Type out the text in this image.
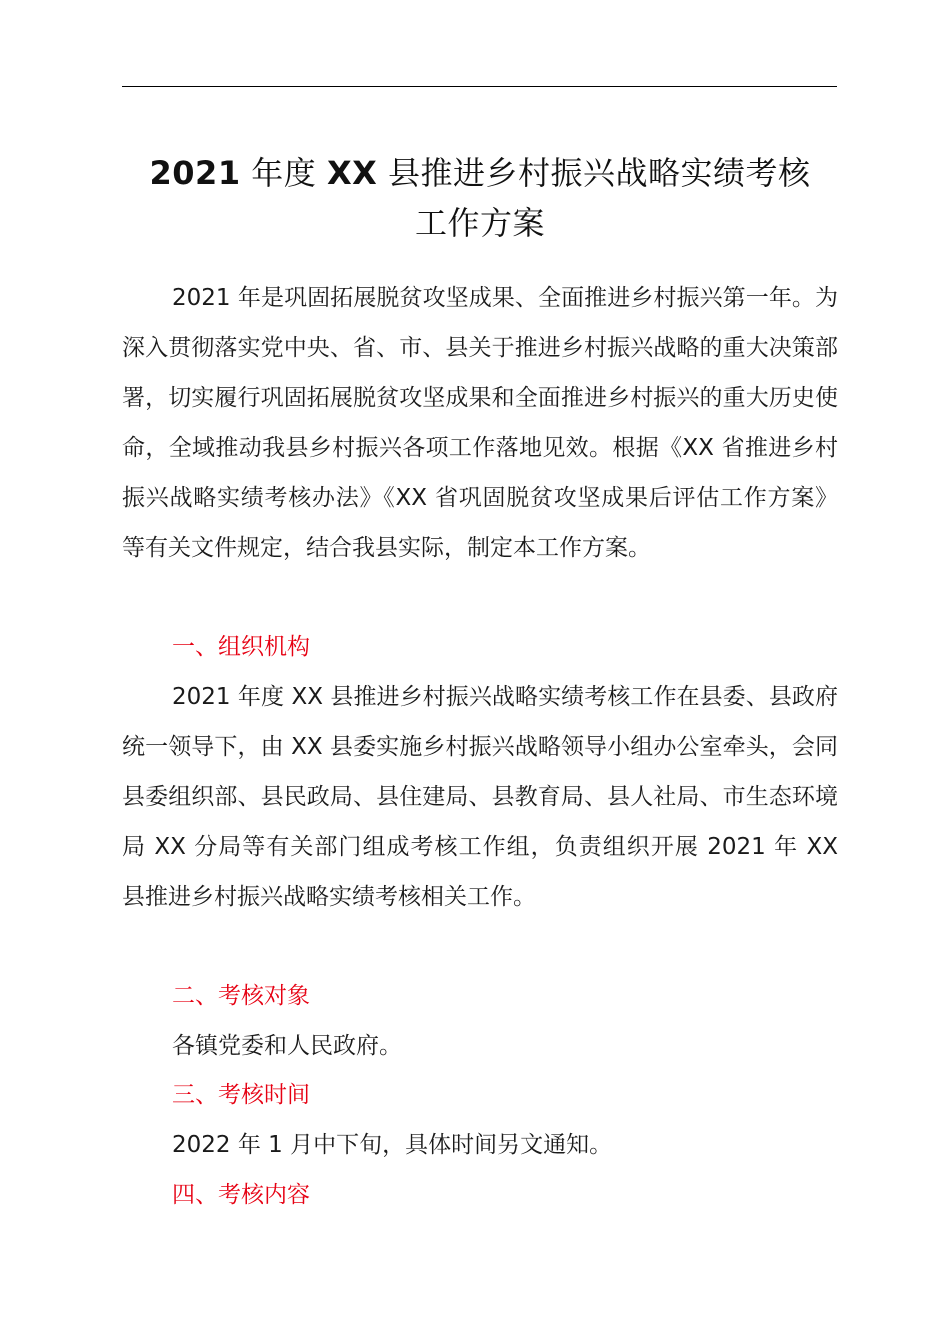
2021 年度 XX 县推进乡村振兴战略实绩考核
工作方案
2021 年是巩固拓展脱贫攻坚成果、全面推进乡村振兴第一年。为深入贯彻落实党中央、省、市、县关于推进乡村振兴战略的重大决策部署，切实履行巩固拓展脱贫攻坚成果和全面推进乡村振兴的重大历史使命，全域推动我县乡村振兴各项工作落地见效。根据《XX 省推进乡村振兴战略实绩考核办法》《XX 省巩固脱贫攻坚成果后评估工作方案》等有关文件规定，结合我县实际，制定本工作方案。
一、组织机构
2021 年度 XX 县推进乡村振兴战略实绩考核工作在县委、县政府统一领导下，由 XX 县委实施乡村振兴战略领导小组办公室牵头，会同县委组织部、县民政局、县住建局、县教育局、县人社局、市生态环境局 XX 分局等有关部门组成考核工作组，负责组织开展 2021 年 XX 县推进乡村振兴战略实绩考核相关工作。
二、考核对象
各镇党委和人民政府。
三、考核时间
2022 年 1 月中下旬，具体时间另文通知。
四、考核内容
